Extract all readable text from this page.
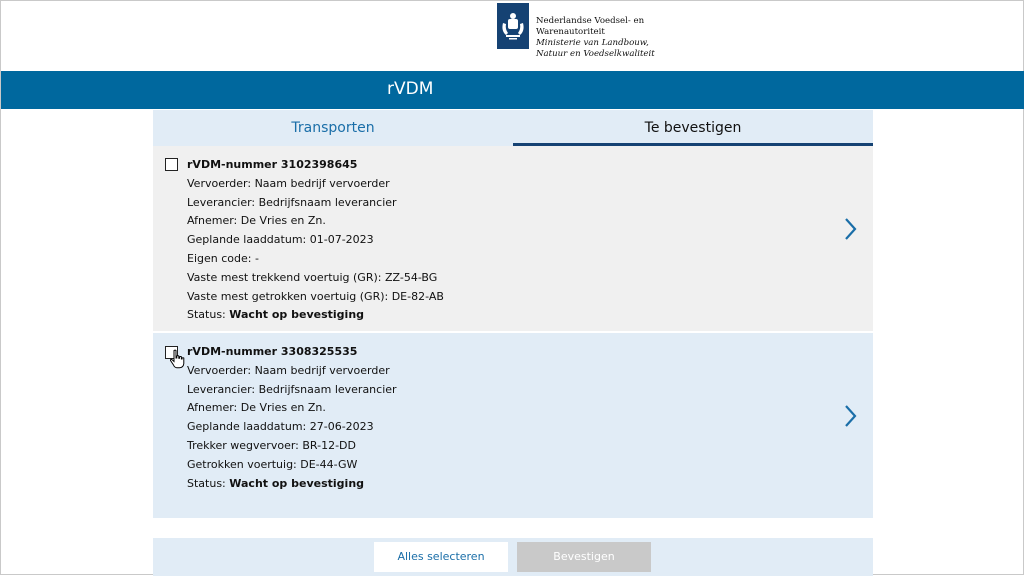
Nederlandse Voedsel- en
Warenautoriteit
Ministerie van Landbouw,
Natuur en Voedselkwaliteit
rVDM
Transporten	Te bevestigen
rVDM-nummer 3102398645
Vervoerder: Naam bedrijf vervoerder
Leverancier: Bedrijfsnaam leverancier
Afnemer: De Vries en Zn.
Geplande laaddatum: 01-07-2023
Eigen code: -
Vaste mest trekkend voertuig (GR): ZZ-54-BG
Vaste mest getrokken voertuig (GR): DE-82-AB
Status: Wacht op bevestiging
rVDM-nummer 3308325535
Vervoerder: Naam bedrijf vervoerder
Leverancier: Bedrijfsnaam leverancier
Afnemer: De Vries en Zn.
Geplande laaddatum: 27-06-2023
Trekker wegvervoer: BR-12-DD
Getrokken voertuig: DE-44-GW
Status: Wacht op bevestiging
Alles selecteren	Bevestigen
